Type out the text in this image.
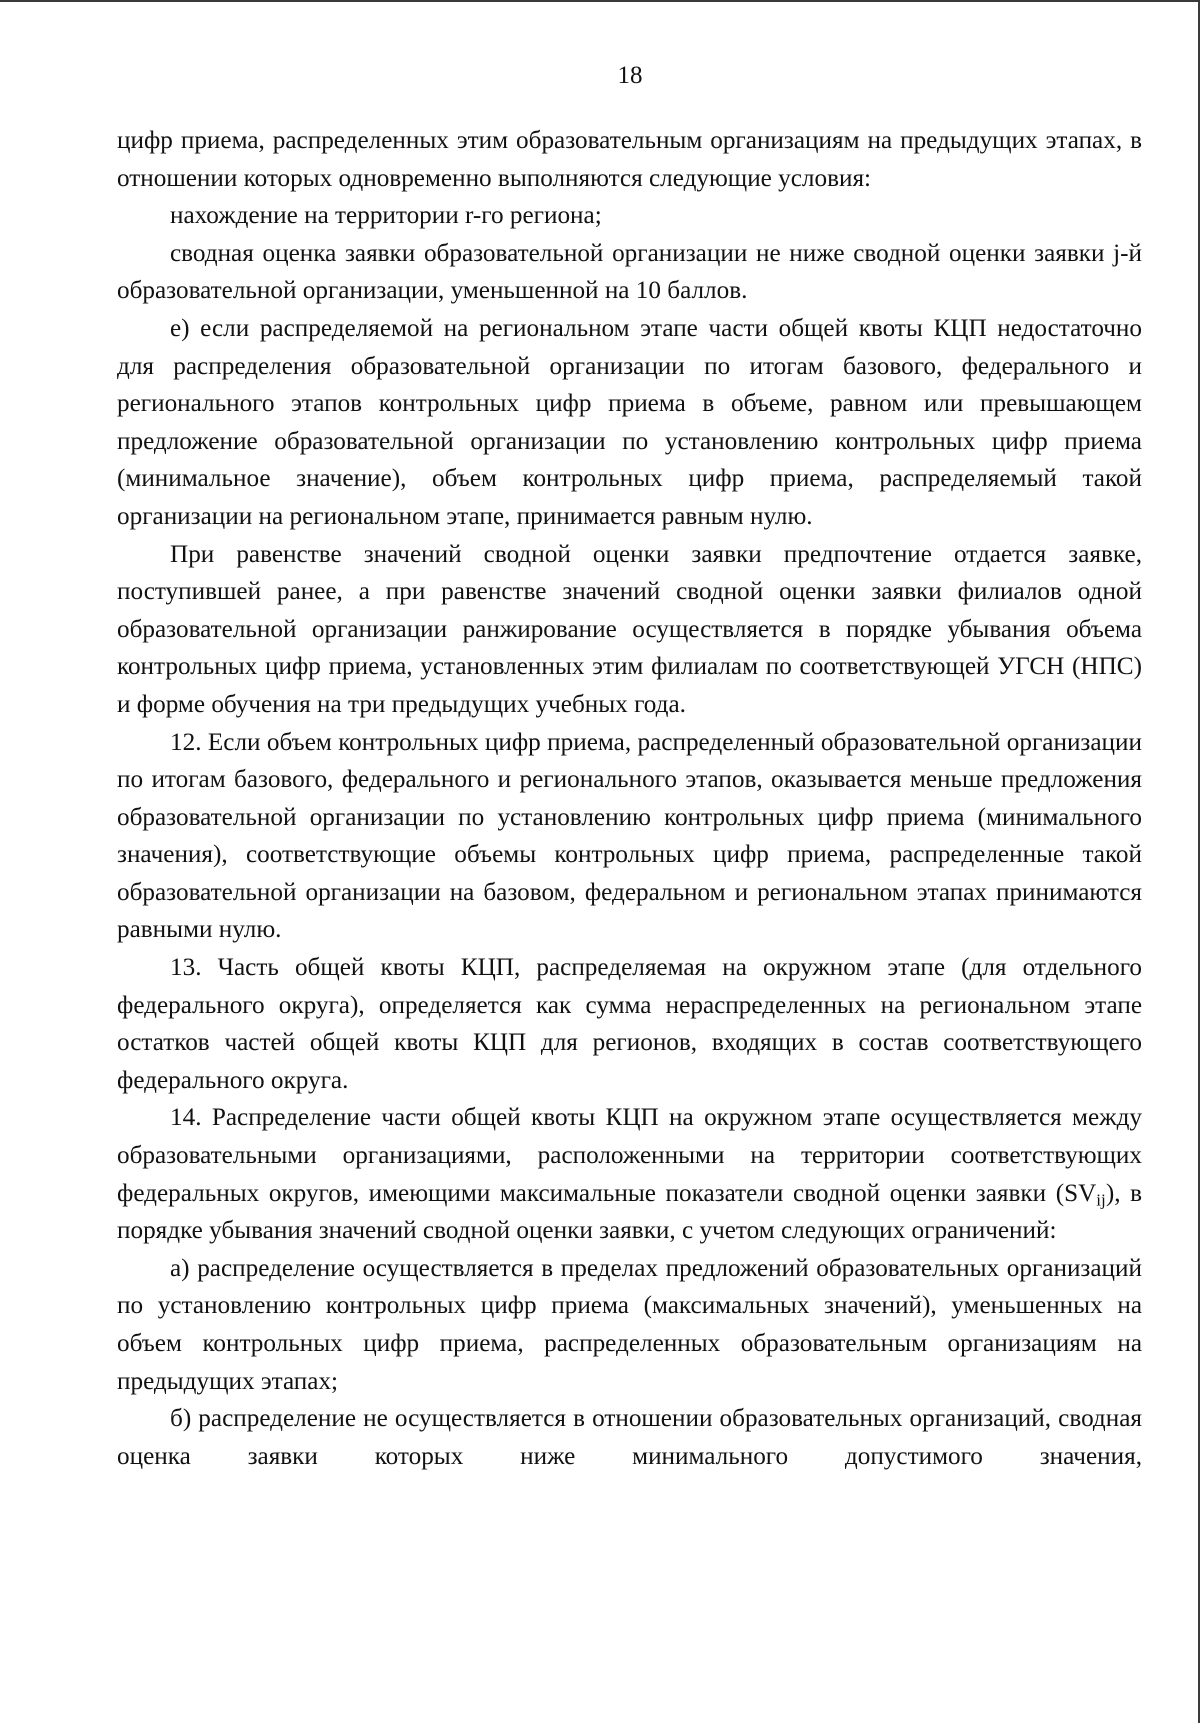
18

цифр приема, распределенных этим образовательным организациям на предыдущих этапах, в отношении которых одновременно выполняются следующие условия:

нахождение на территории r-го региона;

сводная оценка заявки образовательной организации не ниже сводной оценки заявки j-й образовательной организации, уменьшенной на 10 баллов.

е) если распределяемой на региональном этапе части общей квоты КЦП недостаточно для распределения образовательной организации по итогам базового, федерального и регионального этапов контрольных цифр приема в объеме, равном или превышающем предложение образовательной организации по установлению контрольных цифр приема (минимальное значение), объем контрольных цифр приема, распределяемый такой организации на региональном этапе, принимается равным нулю.

При равенстве значений сводной оценки заявки предпочтение отдается заявке, поступившей ранее, а при равенстве значений сводной оценки заявки филиалов одной образовательной организации ранжирование осуществляется в порядке убывания объема контрольных цифр приема, установленных этим филиалам по соответствующей УГСН (НПС) и форме обучения на три предыдущих учебных года.

12. Если объем контрольных цифр приема, распределенный образовательной организации по итогам базового, федерального и регионального этапов, оказывается меньше предложения образовательной организации по установлению контрольных цифр приема (минимального значения), соответствующие объемы контрольных цифр приема, распределенные такой образовательной организации на базовом, федеральном и региональном этапах принимаются равными нулю.

13. Часть общей квоты КЦП, распределяемая на окружном этапе (для отдельного федерального округа), определяется как сумма нераспределенных на региональном этапе остатков частей общей квоты КЦП для регионов, входящих в состав соответствующего федерального округа.

14. Распределение части общей квоты КЦП на окружном этапе осуществляется между образовательными организациями, расположенными на территории соответствующих федеральных округов, имеющими максимальные показатели сводной оценки заявки $(SV_{ij})$, в порядке убывания значений сводной оценки заявки, с учетом следующих ограничений:

а) распределение осуществляется в пределах предложений образовательных организаций по установлению контрольных цифр приема (максимальных значений), уменьшенных на объем контрольных цифр приема, распределенных образовательным организациям на предыдущих этапах;

б) распределение не осуществляется в отношении образовательных организаций, сводная оценка заявки которых ниже минимального допустимого значения,
